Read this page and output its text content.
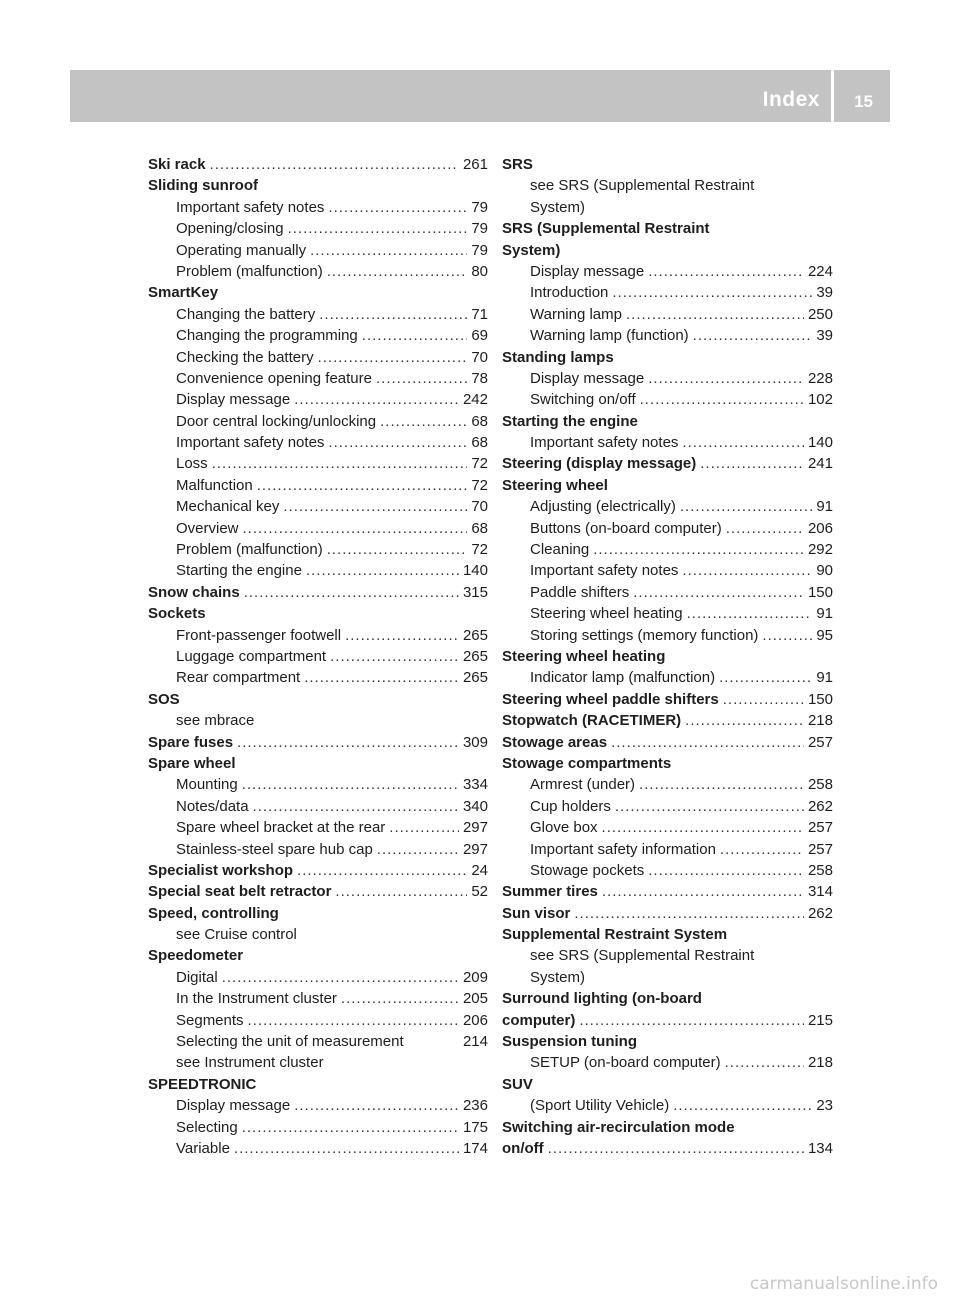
Index 15
Ski rack .....	261
Sliding sunroof
Important safety notes .....	79
Opening/closing .....	79
Operating manually .....	79
Problem (malfunction) .....	80
SmartKey
Changing the battery .....	71
Changing the programming .....	69
Checking the battery .....	70
Convenience opening feature .....	78
Display message .....	242
Door central locking/unlocking .....	68
Important safety notes .....	68
Loss .....	72
Malfunction .....	72
Mechanical key .....	70
Overview .....	68
Problem (malfunction) .....	72
Starting the engine .....	140
Snow chains .....	315
Sockets
Front-passenger footwell .....	265
Luggage compartment .....	265
Rear compartment .....	265
SOS
see mbrace
Spare fuses .....	309
Spare wheel
Mounting .....	334
Notes/data .....	340
Spare wheel bracket at the rear .....	297
Stainless-steel spare hub cap .....	297
Specialist workshop .....	24
Special seat belt retractor .....	52
Speed, controlling
see Cruise control
Speedometer
Digital .....	209
In the Instrument cluster .....	205
Segments .....	206
Selecting the unit of measurement	214
see Instrument cluster
SPEEDTRONIC
Display message .....	236
Selecting .....	175
Variable .....	174
SRS
see SRS (Supplemental Restraint
System)
SRS (Supplemental Restraint
System)
Display message .....	224
Introduction .....	39
Warning lamp .....	250
Warning lamp (function) .....	39
Standing lamps
Display message .....	228
Switching on/off .....	102
Starting the engine
Important safety notes .....	140
Steering (display message) .....	241
Steering wheel
Adjusting (electrically) .....	91
Buttons (on-board computer) .....	206
Cleaning .....	292
Important safety notes .....	90
Paddle shifters .....	150
Steering wheel heating .....	91
Storing settings (memory function) .....	95
Steering wheel heating
Indicator lamp (malfunction) .....	91
Steering wheel paddle shifters .....	150
Stopwatch (RACETIMER) .....	218
Stowage areas .....	257
Stowage compartments
Armrest (under) .....	258
Cup holders .....	262
Glove box .....	257
Important safety information .....	257
Stowage pockets .....	258
Summer tires .....	314
Sun visor .....	262
Supplemental Restraint System
see SRS (Supplemental Restraint
System)
Surround lighting (on-board
computer) .....	215
Suspension tuning
SETUP (on-board computer) .....	218
SUV
(Sport Utility Vehicle) .....	23
Switching air-recirculation mode
on/off .....	134
carmanualsonline.info
